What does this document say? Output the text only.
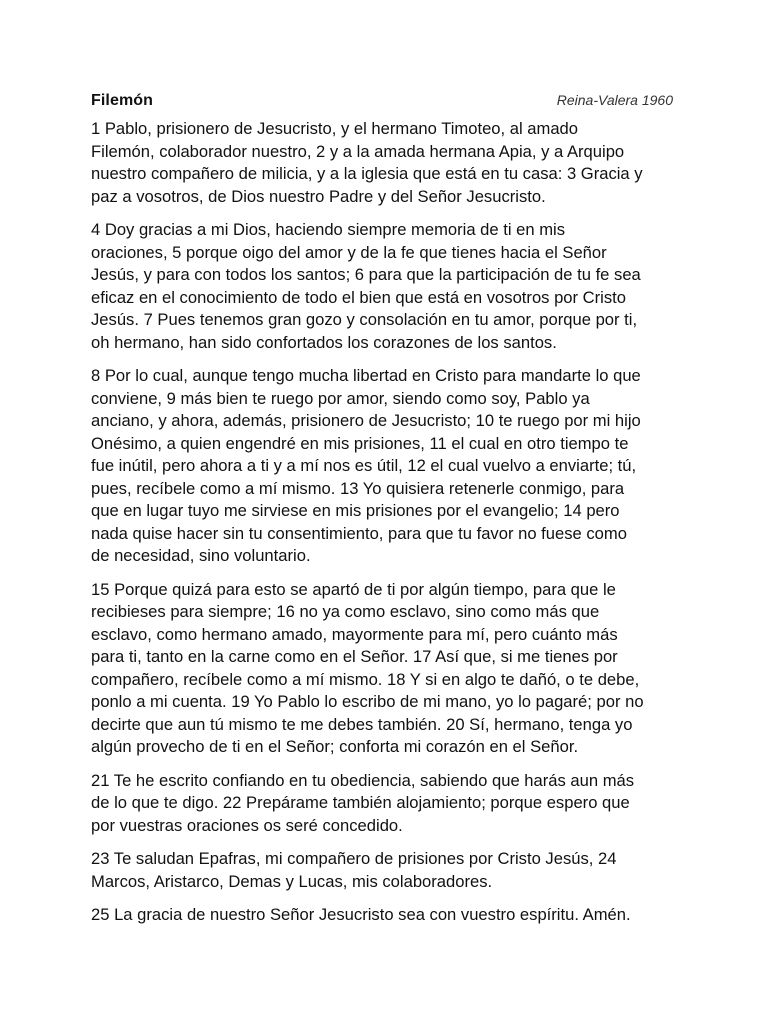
Filemón	Reina-Valera 1960

1 Pablo, prisionero de Jesucristo, y el hermano Timoteo, al amado
Filemón, colaborador nuestro, 2 y a la amada hermana Apia, y a Arquipo
nuestro compañero de milicia, y a la iglesia que está en tu casa: 3 Gracia y
paz a vosotros, de Dios nuestro Padre y del Señor Jesucristo.

4 Doy gracias a mi Dios, haciendo siempre memoria de ti en mis
oraciones, 5 porque oigo del amor y de la fe que tienes hacia el Señor
Jesús, y para con todos los santos; 6 para que la participación de tu fe sea
eficaz en el conocimiento de todo el bien que está en vosotros por Cristo
Jesús. 7 Pues tenemos gran gozo y consolación en tu amor, porque por ti,
oh hermano, han sido confortados los corazones de los santos.

8 Por lo cual, aunque tengo mucha libertad en Cristo para mandarte lo que
conviene, 9 más bien te ruego por amor, siendo como soy, Pablo ya
anciano, y ahora, además, prisionero de Jesucristo; 10 te ruego por mi hijo
Onésimo, a quien engendré en mis prisiones, 11 el cual en otro tiempo te
fue inútil, pero ahora a ti y a mí nos es útil, 12 el cual vuelvo a enviarte; tú,
pues, recíbele como a mí mismo. 13 Yo quisiera retenerle conmigo, para
que en lugar tuyo me sirviese en mis prisiones por el evangelio; 14 pero
nada quise hacer sin tu consentimiento, para que tu favor no fuese como
de necesidad, sino voluntario.

15 Porque quizá para esto se apartó de ti por algún tiempo, para que le
recibieses para siempre; 16 no ya como esclavo, sino como más que
esclavo, como hermano amado, mayormente para mí, pero cuánto más
para ti, tanto en la carne como en el Señor. 17 Así que, si me tienes por
compañero, recíbele como a mí mismo. 18 Y si en algo te dañó, o te debe,
ponlo a mi cuenta. 19 Yo Pablo lo escribo de mi mano, yo lo pagaré; por no
decirte que aun tú mismo te me debes también. 20 Sí, hermano, tenga yo
algún provecho de ti en el Señor; conforta mi corazón en el Señor.

21 Te he escrito confiando en tu obediencia, sabiendo que harás aun más
de lo que te digo. 22 Prepárame también alojamiento; porque espero que
por vuestras oraciones os seré concedido.

23 Te saludan Epafras, mi compañero de prisiones por Cristo Jesús, 24
Marcos, Aristarco, Demas y Lucas, mis colaboradores.

25 La gracia de nuestro Señor Jesucristo sea con vuestro espíritu. Amén.
